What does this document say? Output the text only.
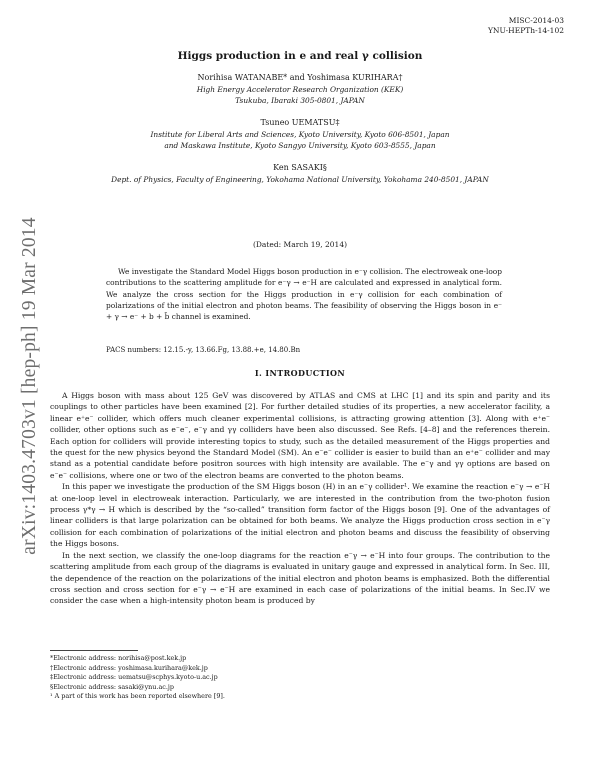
MISC-2014-03
YNU-HEPTh-14-102
Higgs production in e and real γ collision
Norihisa WATANABE* and Yoshimasa KURIHARA†
High Energy Accelerator Research Organization (KEK)
Tsukuba, Ibaraki 305-0801, JAPAN
Tsuneo UEMATSU‡
Institute for Liberal Arts and Sciences, Kyoto University, Kyoto 606-8501, Japan
and Maskawa Institute, Kyoto Sangyo University, Kyoto 603-8555, Japan
Ken SASAKI§
Dept. of Physics, Faculty of Engineering, Yokohama National University, Yokohama 240-8501, JAPAN
arXiv:1403.4703v1 [hep-ph] 19 Mar 2014	(Dated: March 19, 2014)
We investigate the Standard Model Higgs boson production in e⁻γ collision. The electroweak one-loop contributions to the scattering amplitude for e⁻γ → e⁻H are calculated and expressed in analytical form. We analyze the cross section for the Higgs production in e⁻γ collision for each combination of polarizations of the initial electron and photon beams. The feasibility of observing the Higgs boson in e⁻ + γ → e⁻ + b + b̄ channel is examined.
PACS numbers: 12.15.-y, 13.66.Fg, 13.88.+e, 14.80.Bn
I. INTRODUCTION

A Higgs boson with mass about 125 GeV was discovered by ATLAS and CMS at LHC [1] and its spin and parity and its couplings to other particles have been examined [2]. For further detailed studies of its properties, a new accelerator facility, a linear e⁺e⁻ collider, which offers much cleaner experimental collisions, is attracting growing attention [3]. Along with e⁺e⁻ collider, other options such as e⁻e⁻, e⁻γ and γγ colliders have been also discussed. See Refs. [4–8] and the references therein. Each option for colliders will provide interesting topics to study, such as the detailed measurement of the Higgs properties and the quest for the new physics beyond the Standard Model (SM). An e⁻e⁻ collider is easier to build than an e⁺e⁻ collider and may stand as a potential candidate before positron sources with high intensity are available. The e⁻γ and γγ options are based on e⁻e⁻ collisions, where one or two of the electron beams are converted to the photon beams.

In this paper we investigate the production of the SM Higgs boson (H) in an e⁻γ collider¹. We examine the reaction e⁻γ → e⁻H at one-loop level in electroweak interaction. Particularly, we are interested in the contribution from the two-photon fusion process γ*γ → H which is described by the “so-called” transition form factor of the Higgs boson [9]. One of the advantages of linear colliders is that large polarization can be obtained for both beams. We analyze the Higgs production cross section in e⁻γ collision for each combination of polarizations of the initial electron and photon beams and discuss the feasibility of observing the Higgs bosons.

In the next section, we classify the one-loop diagrams for the reaction e⁻γ → e⁻H into four groups. The contribution to the scattering amplitude from each group of the diagrams is evaluated in unitary gauge and expressed in analytical form. In Sec. III, the dependence of the reaction on the polarizations of the initial electron and photon beams is emphasized. Both the differential cross section and cross section for e⁻γ → e⁻H are examined in each case of polarizations of the initial beams. In Sec.IV we consider the case when a high-intensity photon beam is produced by

*Electronic address: norihisa@post.kek.jp
†Electronic address: yoshimasa.kurihara@kek.jp
‡Electronic address: uematsu@scphys.kyoto-u.ac.jp
§Electronic address: sasaki@ynu.ac.jp
¹ A part of this work has been reported elsewhere [9].
